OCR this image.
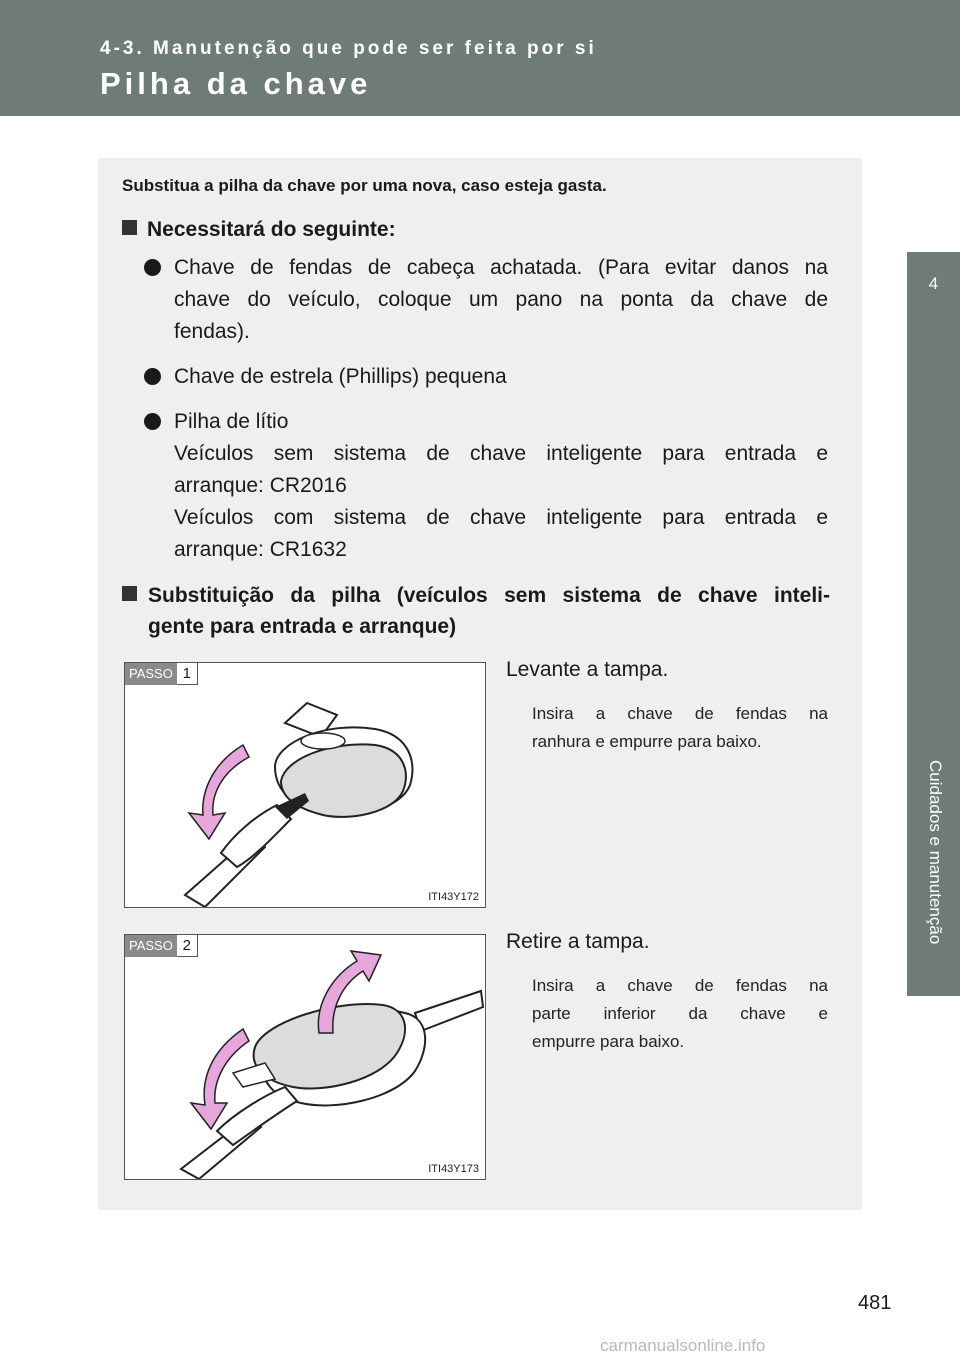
4-3. Manutenção que pode ser feita por si
Pilha da chave
4
Cuidados e manutenção
Substitua a pilha da chave por uma nova, caso esteja gasta.
Necessitará do seguinte:
Chave de fendas de cabeça achatada. (Para evitar danos na
chave do veículo, coloque um pano na ponta da chave de
fendas).
Chave de estrela (Phillips) pequena
Pilha de lítio
Veículos sem sistema de chave inteligente para entrada e
arranque: CR2016
Veículos com sistema de chave inteligente para entrada e
arranque: CR1632
Substituição da pilha (veículos sem sistema de chave inteli-
gente para entrada e arranque)
PASSO 1
ITI43Y172
Levante a tampa.
Insira a chave de fendas na
ranhura e empurre para baixo.
PASSO 2
ITI43Y173
Retire a tampa.
Insira a chave de fendas na
parte inferior da chave e
empurre para baixo.
481
carmanualsonline.info
